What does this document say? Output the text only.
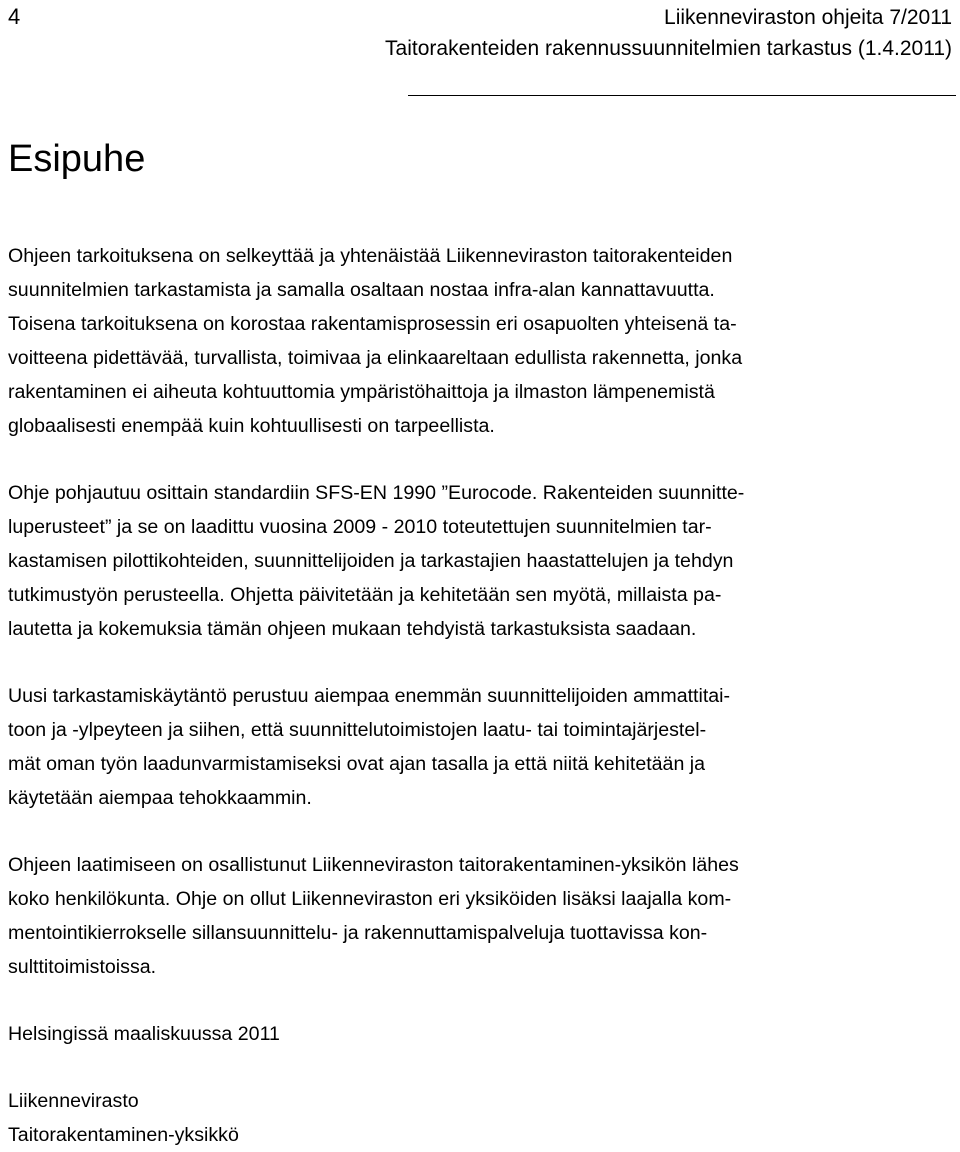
4	Liikenneviraston ohjeita 7/2011
Taitorakenteiden rakennussuunnitelmien tarkastus (1.4.2011)
Esipuhe

Ohjeen tarkoituksena on selkeyttää ja yhtenäistää Liikenneviraston taitorakenteiden
suunnitelmien tarkastamista ja samalla osaltaan nostaa infra-alan kannattavuutta.
Toisena tarkoituksena on korostaa rakentamisprosessin eri osapuolten yhteisenä ta-
voitteena pidettävää, turvallista, toimivaa ja elinkaareltaan edullista rakennetta, jonka
rakentaminen ei aiheuta kohtuuttomia ympäristöhaittoja ja ilmaston lämpenemistä
globaalisesti enempää kuin kohtuullisesti on tarpeellista.

Ohje pohjautuu osittain standardiin SFS-EN 1990 ”Eurocode. Rakenteiden suunnitte-
luperusteet” ja se on laadittu vuosina 2009 - 2010 toteutettujen suunnitelmien tar-
kastamisen pilottikohteiden, suunnittelijoiden ja tarkastajien haastattelujen ja tehdyn
tutkimustyön perusteella. Ohjetta päivitetään ja kehitetään sen myötä, millaista pa-
lautetta ja kokemuksia tämän ohjeen mukaan tehdyistä tarkastuksista saadaan.

Uusi tarkastamiskäytäntö perustuu aiempaa enemmän suunnittelijoiden ammattitai-
toon ja -ylpeyteen ja siihen, että suunnittelutoimistojen laatu- tai toimintajärjestel-
mät oman työn laadunvarmistamiseksi ovat ajan tasalla ja että niitä kehitetään ja
käytetään aiempaa tehokkaammin.

Ohjeen laatimiseen on osallistunut Liikenneviraston taitorakentaminen-yksikön lähes
koko henkilökunta. Ohje on ollut Liikenneviraston eri yksiköiden lisäksi laajalla kom-
mentointikierrokselle sillansuunnittelu- ja rakennuttamispalveluja tuottavissa kon-
sulttitoimistoissa.

Helsingissä maaliskuussa 2011
Liikennevirasto
Taitorakentaminen-yksikkö
